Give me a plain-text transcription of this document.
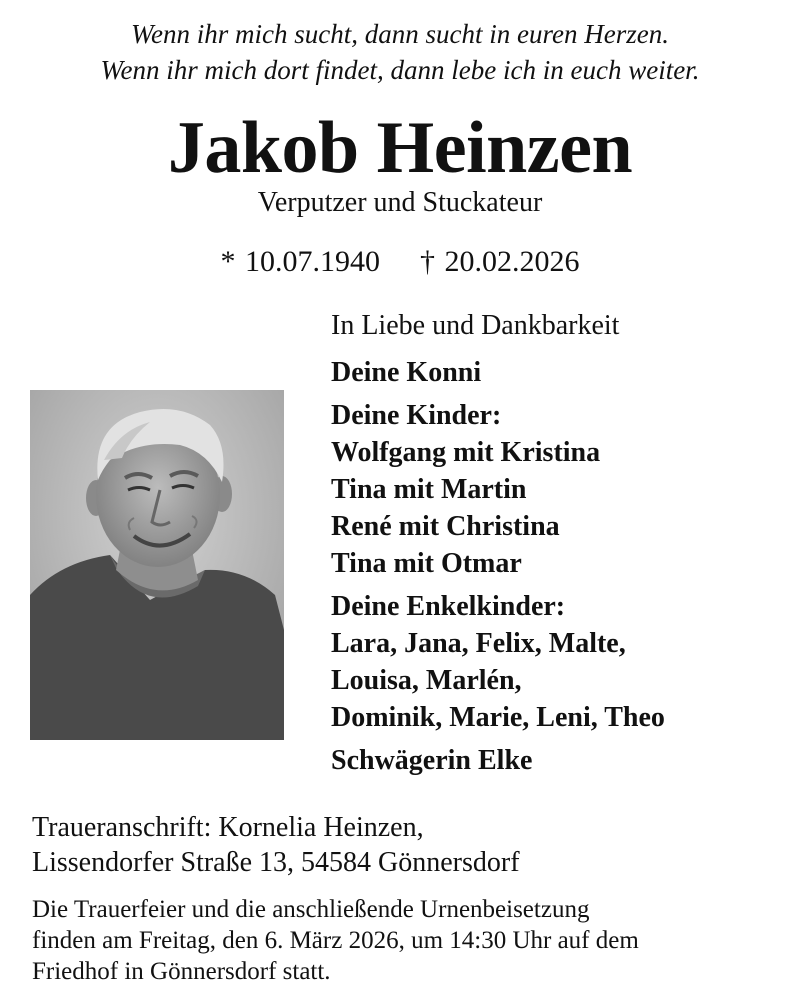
Wenn ihr mich sucht, dann sucht in euren Herzen.
Wenn ihr mich dort findet, dann lebe ich in euch weiter.
Jakob Heinzen
Verputzer und Stuckateur
* 10.07.1940 † 20.02.2026
In Liebe und Dankbarkeit
Deine Konni
Deine Kinder:
Wolfgang mit Kristina
Tina mit Martin
René mit Christina
Tina mit Otmar
Deine Enkelkinder:
Lara, Jana, Felix, Malte,
Louisa, Marlén,
Dominik, Marie, Leni, Theo
Schwägerin Elke
Traueranschrift: Kornelia Heinzen,
Lissendorfer Straße 13, 54584 Gönnersdorf
Die Trauerfeier und die anschließende Urnenbeisetzung
finden am Freitag, den 6. März 2026, um 14:30 Uhr auf dem
Friedhof in Gönnersdorf statt.
